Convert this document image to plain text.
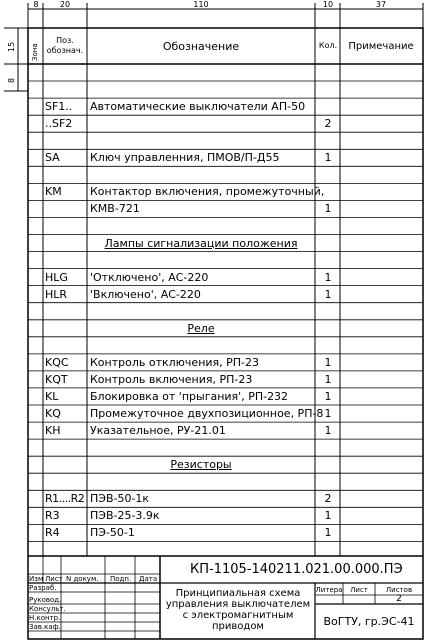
8	20	110	10	37
15
8
Зона
Поз.
обознач.	Обозначение	Кол. Примечание
SF1.. Автоматические выключатели АП-50
..SF2	2
SA	Ключ управленния, ПМОВ/П-Д55	1
KM	Контактор включения, промежуточный,
КМВ-721	1
Лампы сигнализации положения
HLG 'Отключено', АС-220	1
HLR 'Включено', АС-220	1
Реле
KQC Контроль отключения, РП-23	1
KQT Контроль включения, РП-23	1
KL	Блокировка от 'прыгания', РП-232	1
KQ	Промежуточное двухпозиционное, РП-8 1
KH	Указательное, РУ-21.01	1
Резисторы
R1....R2 ПЭВ-50-1к	2
R3	ПЭВ-25-3.9к	1
R4	ПЭ-50-1	1
КП-1105-140211.021.00.000.ПЭ
Изм Лист N докум. Подп. Дата
Разраб.
Руковод.
Консульт.
Н.контр.
Зав.каф.
Принципиальная схема
управления выключателем
с электромагнитным
приводом
Литера Лист	Листов
2
ВоГТУ, гр.ЭС-41
